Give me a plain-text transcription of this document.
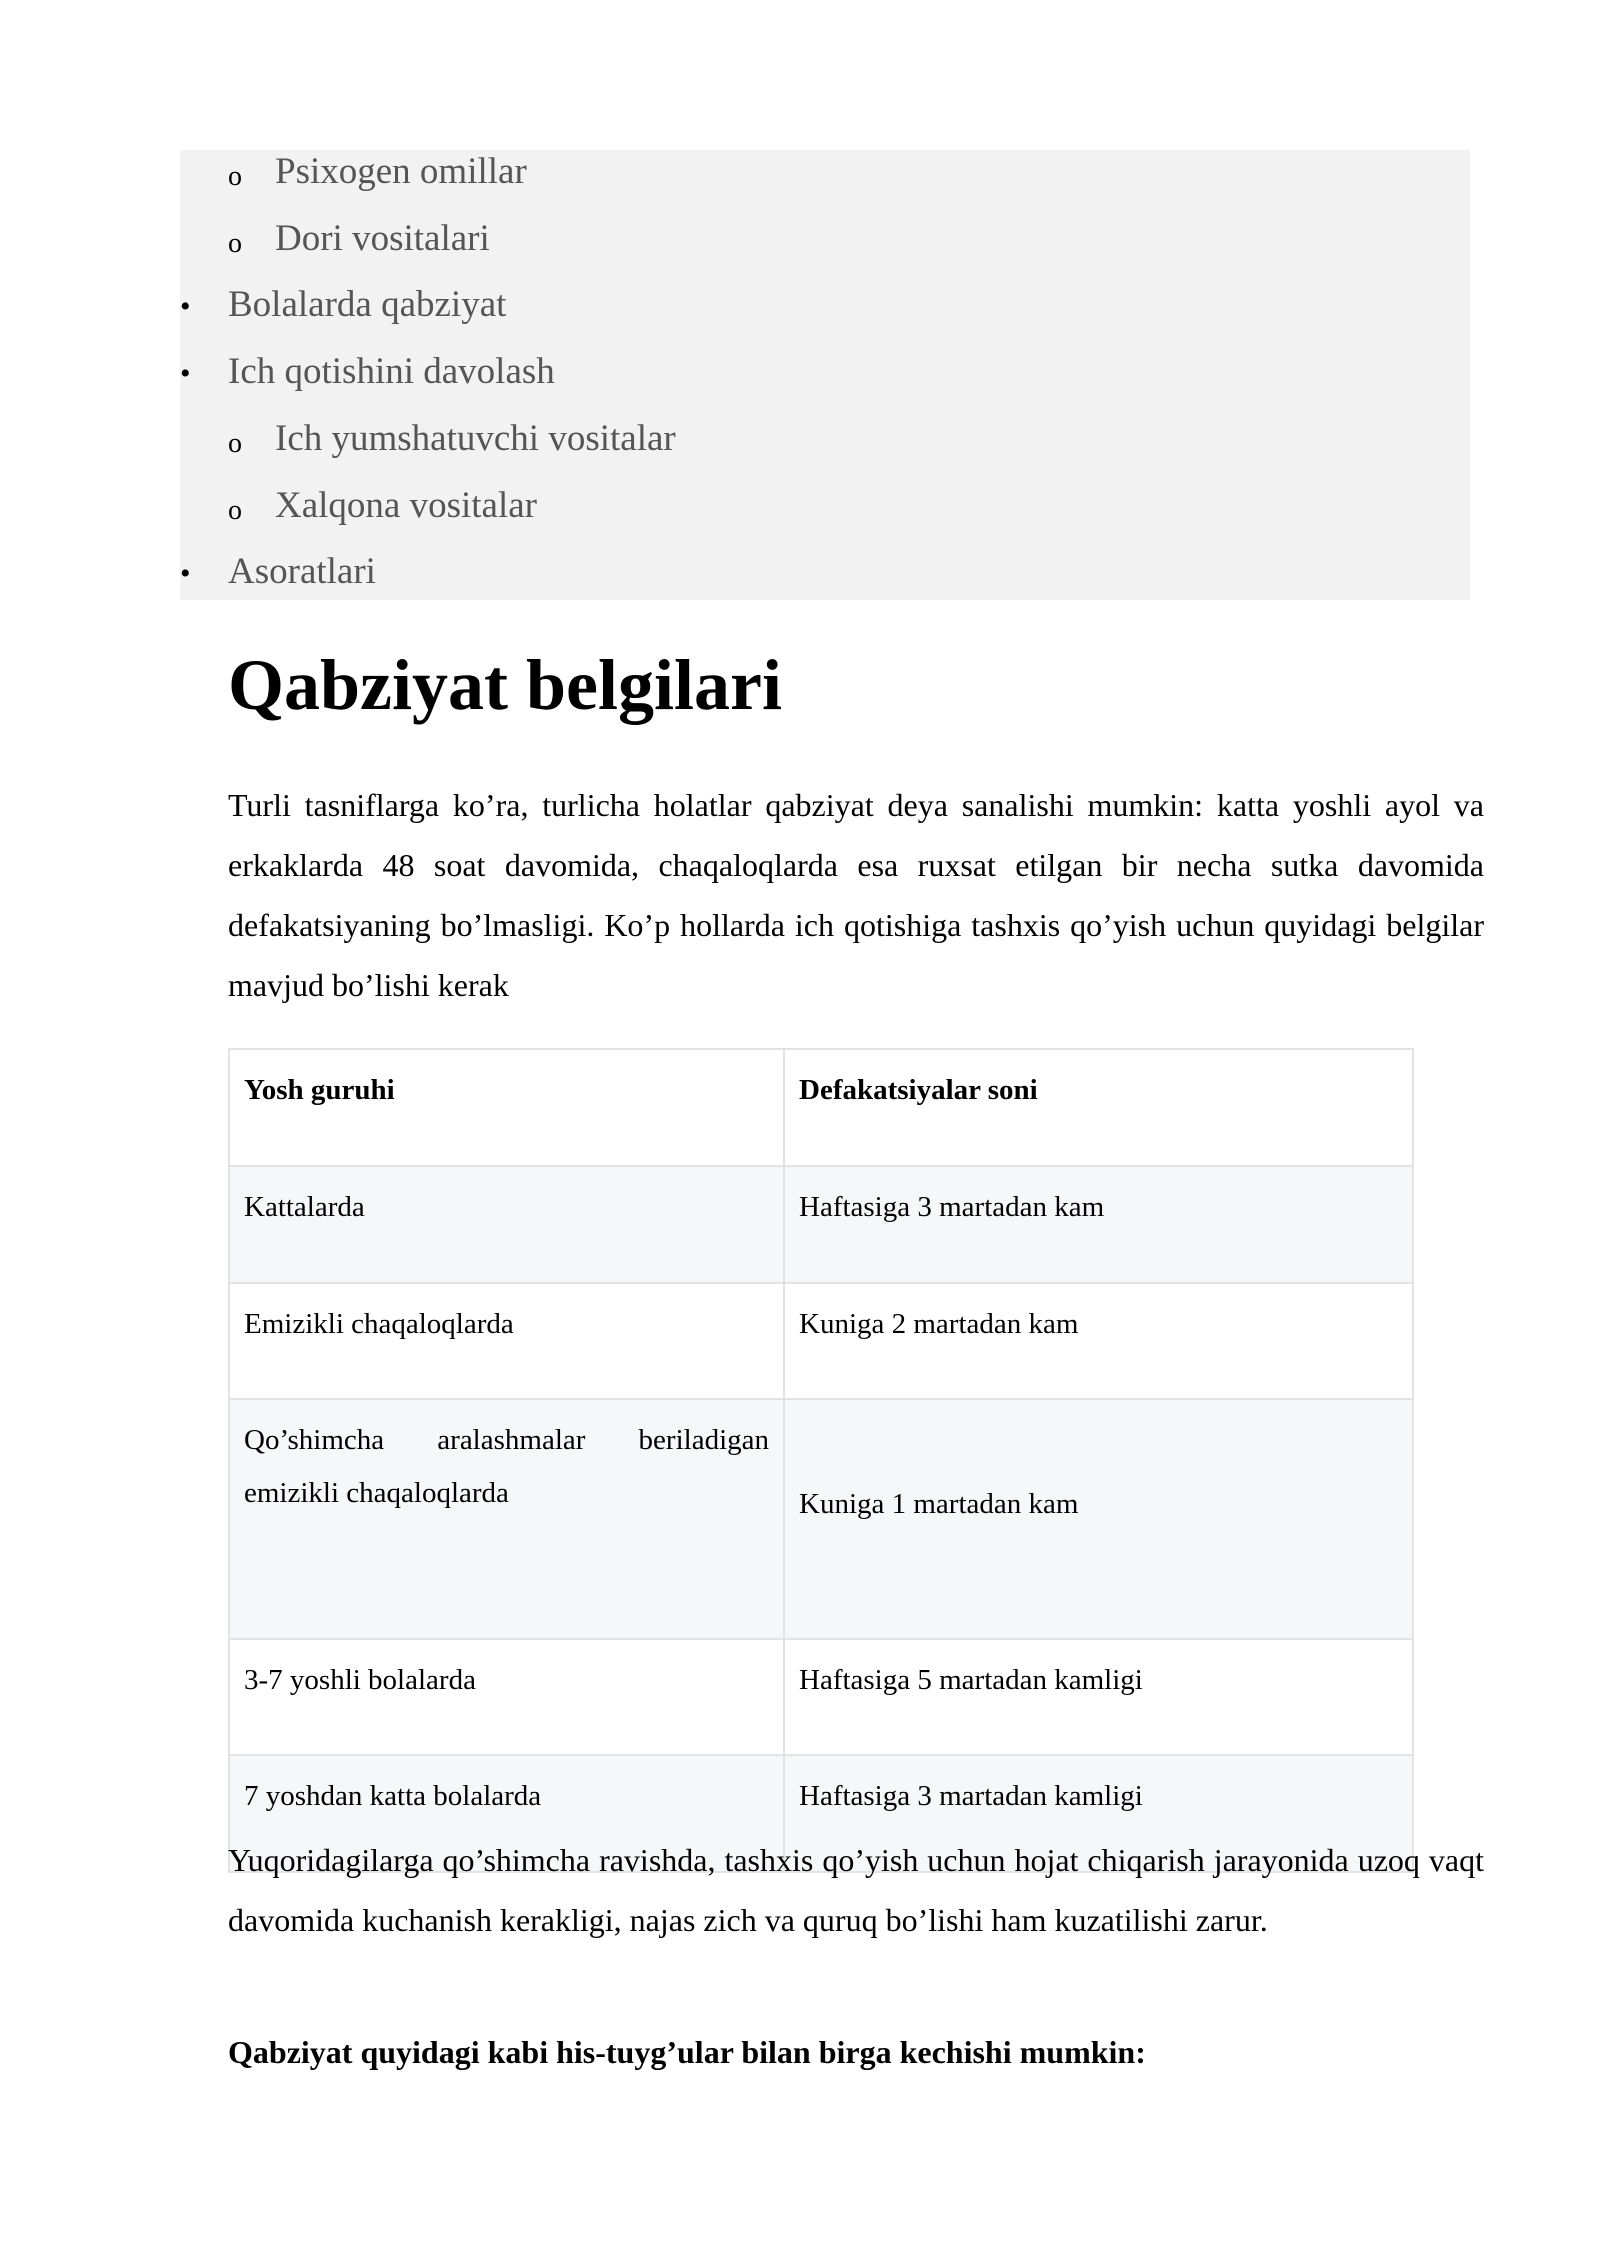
o Psixogen omillar
o Dori vositalari
• Bolalarda qabziyat
• Ich qotishini davolash
o Ich yumshatuvchi vositalar
o Xalqona vositalar
• Asoratlari
Qabziyat belgilari

Turli tasniflarga ko’ra, turlicha holatlar qabziyat deya sanalishi mumkin: katta yoshli ayol va erkaklarda 48 soat davomida, chaqaloqlarda esa ruxsat etilgan bir necha sutka davomida defakatsiyaning bo’lmasligi. Ko’p hollarda ich qotishiga tashxis qo’yish uchun quyidagi belgilar mavjud bo’lishi kerak

Yosh guruhi	Defakatsiyalar soni
Kattalarda	Haftasiga 3 martadan kam
Emizikli chaqaloqlarda	Kuniga 2 martadan kam
Qo’shimcha aralashmalar beriladigan emizikli chaqaloqlarda	Kuniga 1 martadan kam
3-7 yoshli bolalarda	Haftasiga 5 martadan kamligi
7 yoshdan katta bolalarda	Haftasiga 3 martadan kamligi

Yuqoridagilarga qo’shimcha ravishda, tashxis qo’yish uchun hojat chiqarish jarayonida uzoq vaqt davomida kuchanish kerakligi, najas zich va quruq bo’lishi ham kuzatilishi zarur.

Qabziyat quyidagi kabi his-tuyg’ular bilan birga kechishi mumkin:
